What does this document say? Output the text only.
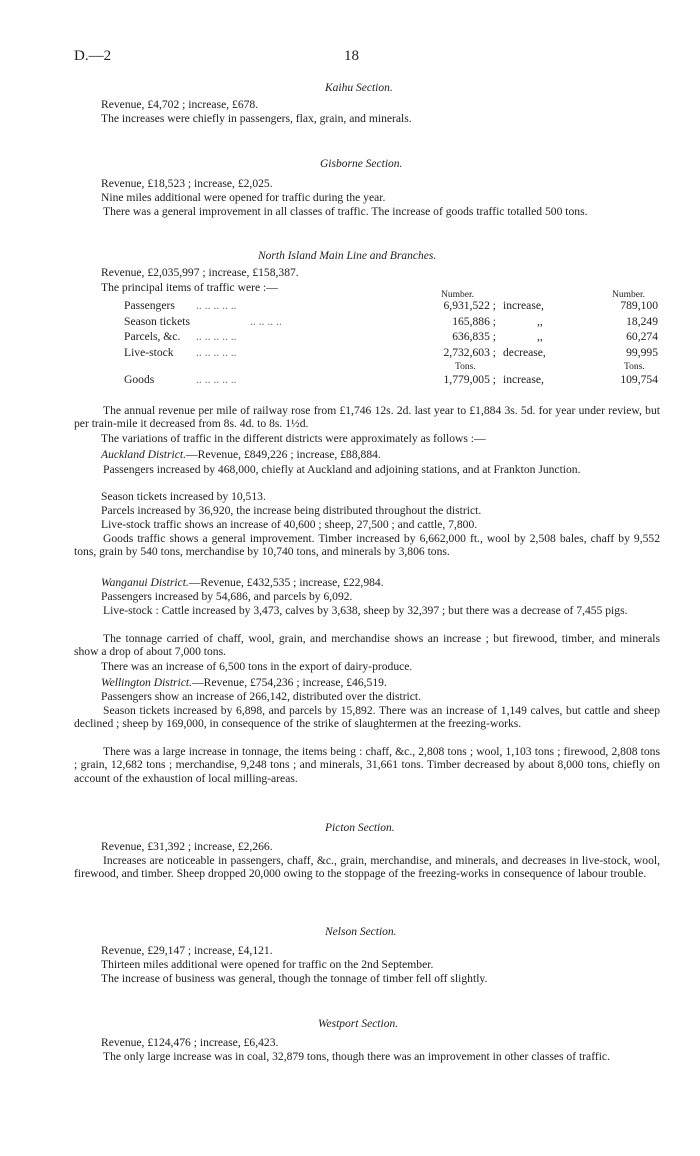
D.—2	18
Kaihu Section.
Revenue, £4,702 ; increase, £678.
The increases were chiefly in passengers, flax, grain, and minerals.
Gisborne Section.
Revenue, £18,523 ; increase, £2,025.
Nine miles additional were opened for traffic during the year.
There was a general improvement in all classes of traffic. The increase of goods traffic totalled 500 tons.
North Island Main Line and Branches.
Revenue, £2,035,997 ; increase, £158,387.
The principal items of traffic were :—
Number.	Number.
Passengers .. .. .. .. ..	6,931,522 ; increase,	789,100
Season tickets	.. .. .. ..	165,886 ;	,,	18,249
Parcels, &c. .. .. .. .. ..	636,835 ;	,,	60,274
Live-stock .. .. .. .. ..	2,732,603 ; decrease,	99,995
Tons.	Tons.
Goods	.. .. .. .. ..	1,779,005 ; increase,	109,754
The annual revenue per mile of railway rose from £1,746 12s. 2d. last year to £1,884 3s. 5d. for year under review, but per train-mile it decreased from 8s. 4d. to 8s. 1½d.
The variations of traffic in the different districts were approximately as follows :—
Auckland District.—Revenue, £849,226 ; increase, £88,884.
Passengers increased by 468,000, chiefly at Auckland and adjoining stations, and at Frankton Junction.
Season tickets increased by 10,513.
Parcels increased by 36,920, the increase being distributed throughout the district.
Live-stock traffic shows an increase of 40,600 ; sheep, 27,500 ; and cattle, 7,800.
Goods traffic shows a general improvement. Timber increased by 6,662,000 ft., wool by 2,508 bales, chaff by 9,552 tons, grain by 540 tons, merchandise by 10,740 tons, and minerals by 3,806 tons.
Wanganui District.—Revenue, £432,535 ; increase, £22,984.
Passengers increased by 54,686, and parcels by 6,092.
Live-stock : Cattle increased by 3,473, calves by 3,638, sheep by 32,397 ; but there was a decrease of 7,455 pigs.
The tonnage carried of chaff, wool, grain, and merchandise shows an increase ; but firewood, timber, and minerals show a drop of about 7,000 tons.
There was an increase of 6,500 tons in the export of dairy-produce.
Wellington District.—Revenue, £754,236 ; increase, £46,519.
Passengers show an increase of 266,142, distributed over the district.
Season tickets increased by 6,898, and parcels by 15,892. There was an increase of 1,149 calves, but cattle and sheep declined ; sheep by 169,000, in consequence of the strike of slaughtermen at the freezing-works.
There was a large increase in tonnage, the items being : chaff, &c., 2,808 tons ; wool, 1,103 tons ; firewood, 2,808 tons ; grain, 12,682 tons ; merchandise, 9,248 tons ; and minerals, 31,661 tons. Timber decreased by about 8,000 tons, chiefly on account of the exhaustion of local milling-areas.
Picton Section.
Revenue, £31,392 ; increase, £2,266.
Increases are noticeable in passengers, chaff, &c., grain, merchandise, and minerals, and decreases in live-stock, wool, firewood, and timber. Sheep dropped 20,000 owing to the stoppage of the freezing-works in consequence of labour trouble.
Nelson Section.
Revenue, £29,147 ; increase, £4,121.
Thirteen miles additional were opened for traffic on the 2nd September.
The increase of business was general, though the tonnage of timber fell off slightly.
Westport Section.
Revenue, £124,476 ; increase, £6,423.
The only large increase was in coal, 32,879 tons, though there was an improvement in other classes of traffic.
